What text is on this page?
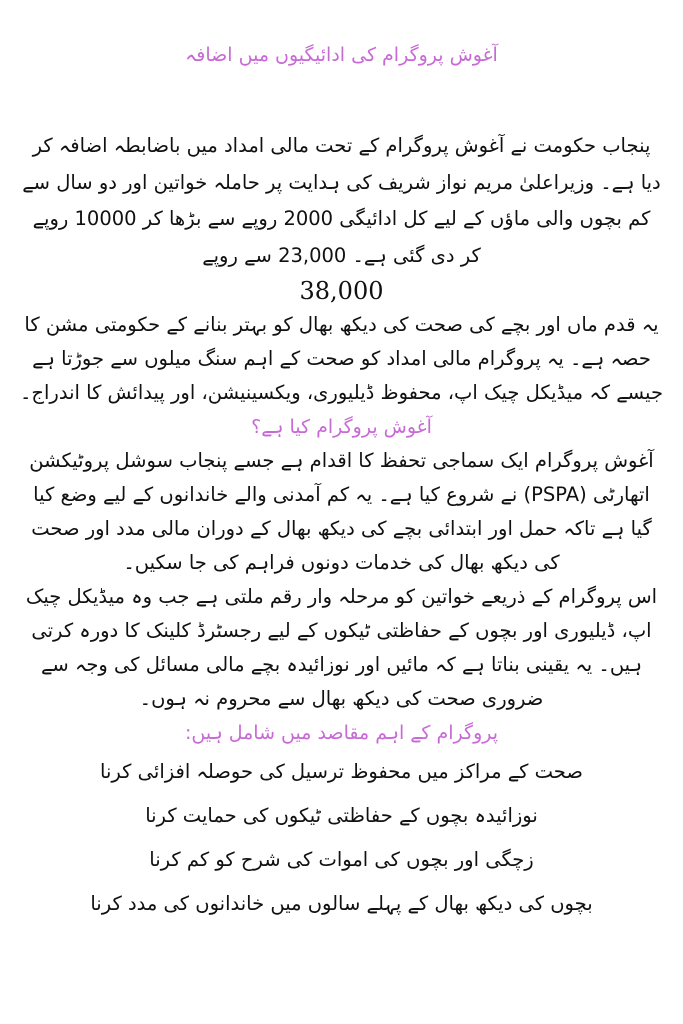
آغوش پروگرام کی ادائیگیوں میں اضافہ

پنجاب حکومت نے آغوش پروگرام کے تحت مالی امداد میں باضابطہ اضافہ کر دیا ہے۔ وزیراعلیٰ مریم نواز شریف کی ہدایت پر حاملہ خواتین اور دو سال سے کم بچوں والی ماؤں کے لیے کل ادائیگی 2000 روپے سے بڑھا کر 10000 روپے کر دی گئی ہے۔ 23,000 سے روپے

38,000

یہ قدم ماں اور بچے کی صحت کی دیکھ بھال کو بہتر بنانے کے حکومتی مشن کا حصہ ہے۔ یہ پروگرام مالی امداد کو صحت کے اہم سنگ میلوں سے جوڑتا ہے جیسے کہ میڈیکل چیک اپ، محفوظ ڈیلیوری، ویکسینیشن، اور پیدائش کا اندراج۔

آغوش پروگرام کیا ہے؟

آغوش پروگرام ایک سماجی تحفظ کا اقدام ہے جسے پنجاب سوشل پروٹیکشن اتھارٹی (PSPA) نے شروع کیا ہے۔ یہ کم آمدنی والے خاندانوں کے لیے وضع کیا گیا ہے تاکہ حمل اور ابتدائی بچے کی دیکھ بھال کے دوران مالی مدد اور صحت کی دیکھ بھال کی خدمات دونوں فراہم کی جا سکیں۔

اس پروگرام کے ذریعے خواتین کو مرحلہ وار رقم ملتی ہے جب وہ میڈیکل چیک اپ، ڈیلیوری اور بچوں کے حفاظتی ٹیکوں کے لیے رجسٹرڈ کلینک کا دورہ کرتی ہیں۔ یہ یقینی بناتا ہے کہ مائیں اور نوزائیدہ بچے مالی مسائل کی وجہ سے ضروری صحت کی دیکھ بھال سے محروم نہ ہوں۔

پروگرام کے اہم مقاصد میں شامل ہیں:
صحت کے مراکز میں محفوظ ترسیل کی حوصلہ افزائی کرنا
نوزائیدہ بچوں کے حفاظتی ٹیکوں کی حمایت کرنا
زچگی اور بچوں کی اموات کی شرح کو کم کرنا
بچوں کی دیکھ بھال کے پہلے سالوں میں خاندانوں کی مدد کرنا
